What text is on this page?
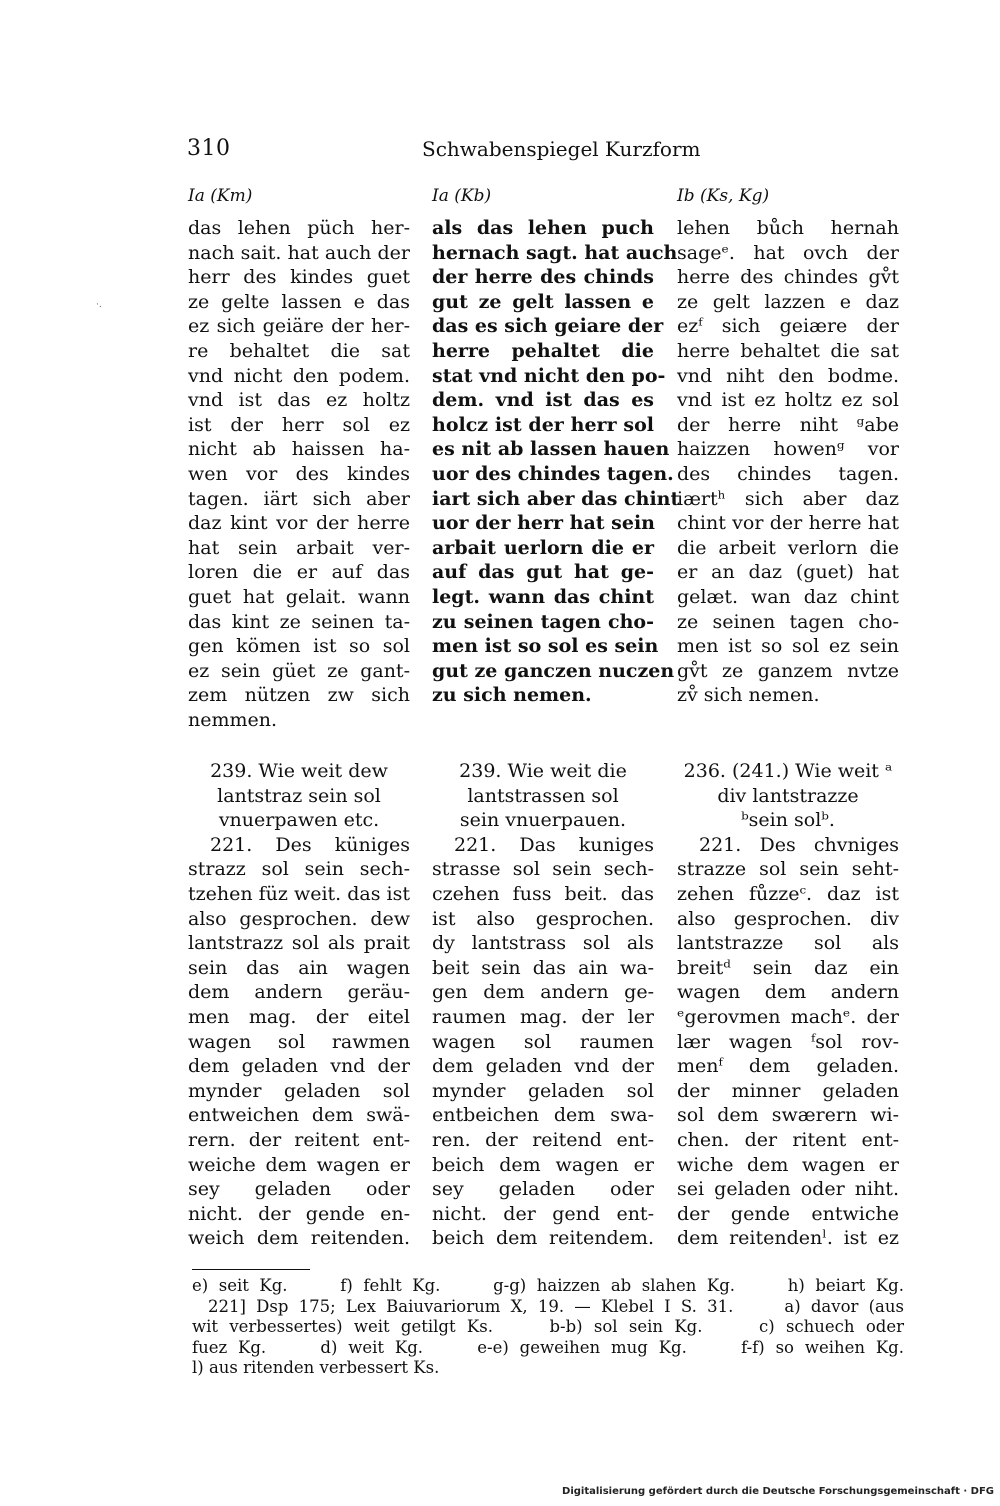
310	Schwabenspiegel Kurzform
·.
Ia (Km)	Ia (Kb)	Ib (Ks, Kg)
das lehen püch her-
nach sait. hat auch der
herr des kindes guet
ze gelte lassen e das
ez sich geiäre der her-
re behaltet die sat
vnd nicht den podem.
vnd ist das ez holtz
ist der herr sol ez
nicht ab haissen ha-
wen vor des kindes
tagen. iärt sich aber
daz kint vor der herre
hat sein arbait ver-
loren die er auf das
guet hat gelait. wann
das kint ze seinen ta-
gen kömen ist so sol
ez sein güet ze gant-
zem nützen zw sich
nemmen.
als das lehen puch
hernach sagt. hat auch
der herre des chinds
gut ze gelt lassen e
das es sich geiare der
herre pehaltet die
stat vnd nicht den po-
dem. vnd ist das es
holcz ist der herr sol
es nit ab lassen hauen
uor des chindes tagen.
iart sich aber das chint
uor der herr hat sein
arbait uerlorn die er
auf das gut hat ge-
legt. wann das chint
zu seinen tagen cho-
men ist so sol es sein
gut ze ganczen nuczen
zu sich nemen.
lehen bůch hernah
sageᵉ. hat ovch der
herre des chindes gv̊t
ze gelt lazzen e daz
ezᶠ sich geiære der
herre behaltet die sat
vnd niht den bodme.
vnd ist ez holtz ez sol
der herre niht ᵍabe
haizzen howenᵍ vor
des chindes tagen.
iærtʰ sich aber daz
chint vor der herre hat
die arbeit verlorn die
er an daz (guet) hat
gelæt. wan daz chint
ze seinen tagen cho-
men ist so sol ez sein
gv̊t ze ganzem nvtze
zv̊ sich nemen.
239. Wie weit dew
lantstraz sein sol
vnuerpawen etc.
221. Des küniges
strazz sol sein sech-
tzehen füz weit. das ist
also gesprochen. dew
lantstrazz sol als prait
sein das ain wagen
dem andern geräu-
men mag. der eitel
wagen sol rawmen
dem geladen vnd der
mynder geladen sol
entweichen dem swä-
rern. der reitent ent-
weiche dem wagen er
sey geladen oder
nicht. der gende en-
weich dem reitenden.
239. Wie weit die
lantstrassen sol
sein vnuerpauen.
221. Das kuniges
strasse sol sein sech-
czehen fuss beit. das
ist also gesprochen.
dy lantstrass sol als
beit sein das ain wa-
gen dem andern ge-
raumen mag. der ler
wagen sol raumen
dem geladen vnd der
mynder geladen sol
entbeichen dem swa-
ren. der reitend ent-
beich dem wagen er
sey geladen oder
nicht. der gend ent-
beich dem reitendem.
236. (241.) Wie weit ᵃ
div lantstrazze
ᵇsein solᵇ.
221. Des chvniges
strazze sol sein seht-
zehen fůzzeᶜ. daz ist
also gesprochen. div
lantstrazze sol als
breitᵈ sein daz ein
wagen dem andern
ᵉgerovmen machᵉ. der
lær wagen ᶠsol rov-
menᶠ dem geladen.
der minner geladen
sol dem swærern wi-
chen. der ritent ent-
wiche dem wagen er
sei geladen oder niht.
der gende entwiche
dem reitendenˡ. ist ez
e) seit Kg.     f) fehlt Kg.     g-g) haizzen ab slahen Kg.     h) beiart Kg.
221] Dsp 175; Lex Baiuvariorum X, 19. — Klebel I S. 31.     a) davor (aus
wit verbessertes) weit getilgt Ks.     b-b) sol sein Kg.     c) schuech oder
fuez Kg.     d) weit Kg.     e-e) geweihen mug Kg.     f-f) so weihen Kg.
l) aus ritenden verbessert Ks.
Digitalisierung gefördert durch die Deutsche Forschungsgemeinschaft · DFG
